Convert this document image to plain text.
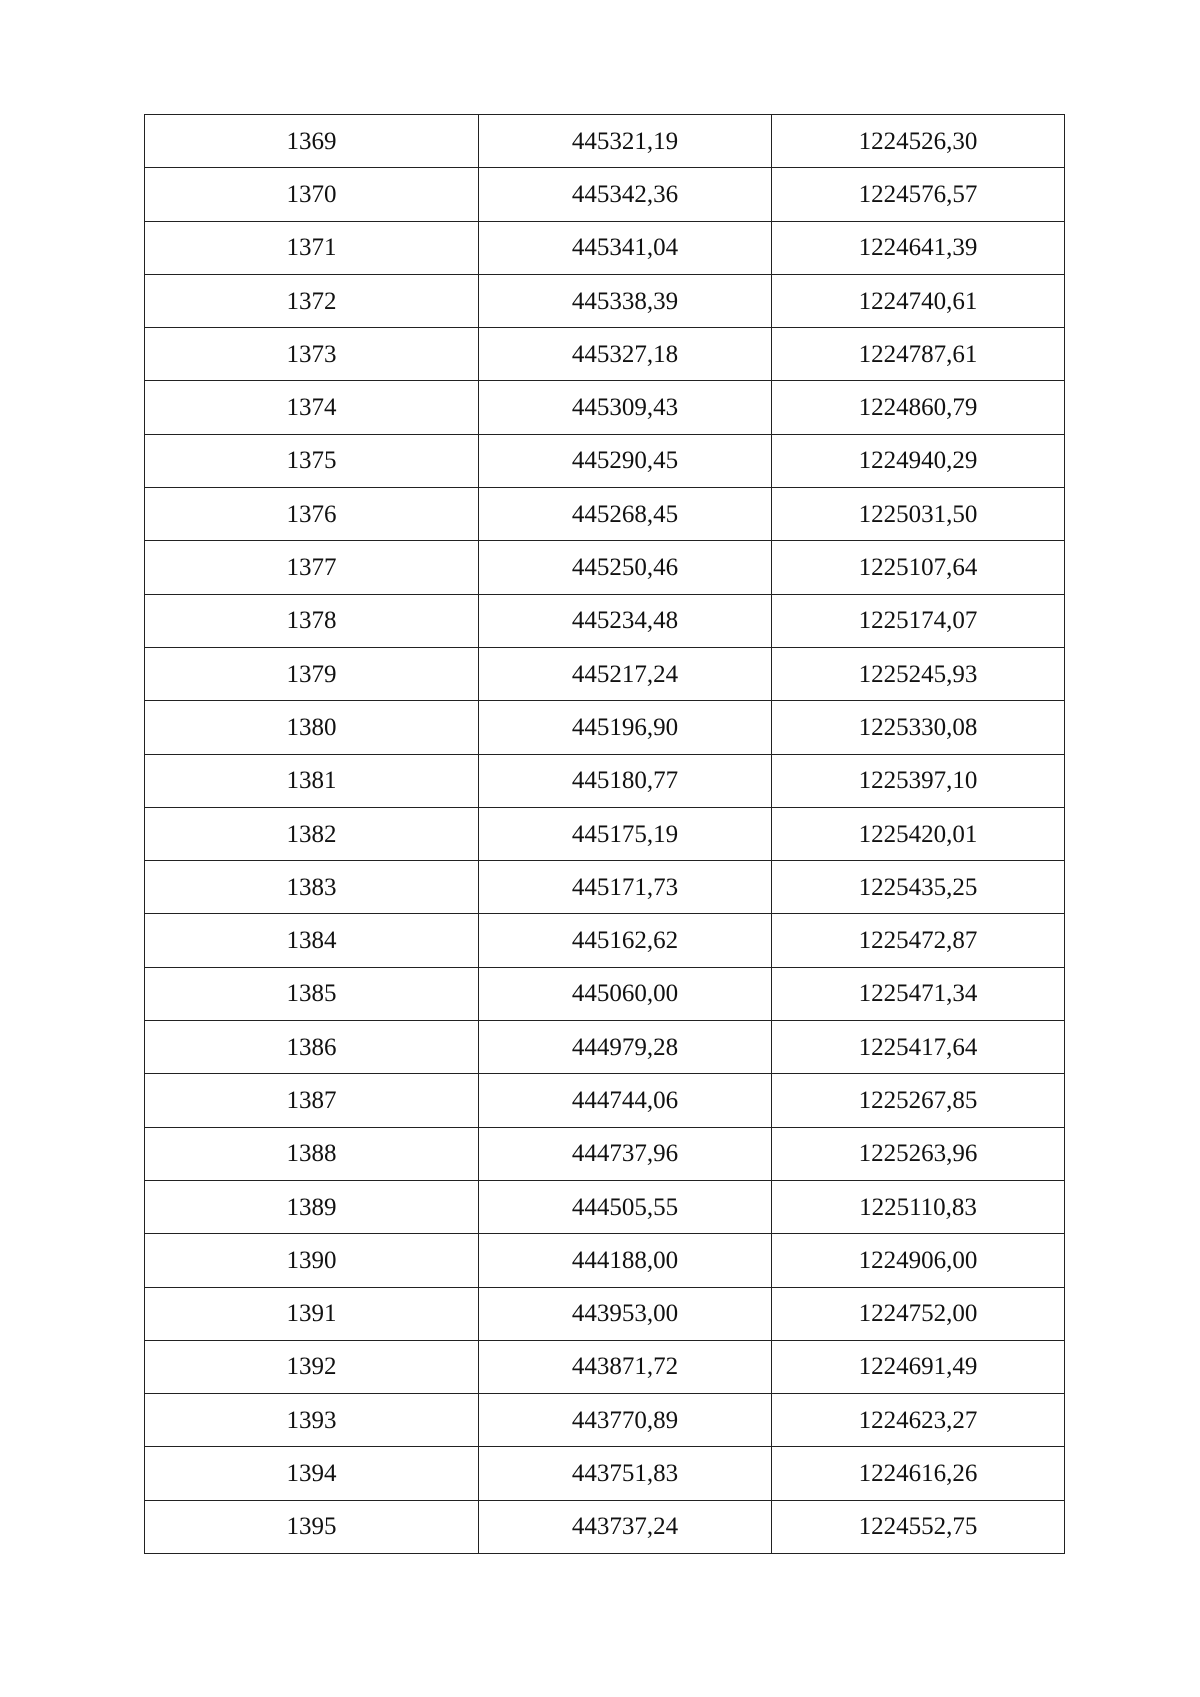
1369	445321,19	1224526,30
1370	445342,36	1224576,57
1371	445341,04	1224641,39
1372	445338,39	1224740,61
1373	445327,18	1224787,61
1374	445309,43	1224860,79
1375	445290,45	1224940,29
1376	445268,45	1225031,50
1377	445250,46	1225107,64
1378	445234,48	1225174,07
1379	445217,24	1225245,93
1380	445196,90	1225330,08
1381	445180,77	1225397,10
1382	445175,19	1225420,01
1383	445171,73	1225435,25
1384	445162,62	1225472,87
1385	445060,00	1225471,34
1386	444979,28	1225417,64
1387	444744,06	1225267,85
1388	444737,96	1225263,96
1389	444505,55	1225110,83
1390	444188,00	1224906,00
1391	443953,00	1224752,00
1392	443871,72	1224691,49
1393	443770,89	1224623,27
1394	443751,83	1224616,26
1395	443737,24	1224552,75
